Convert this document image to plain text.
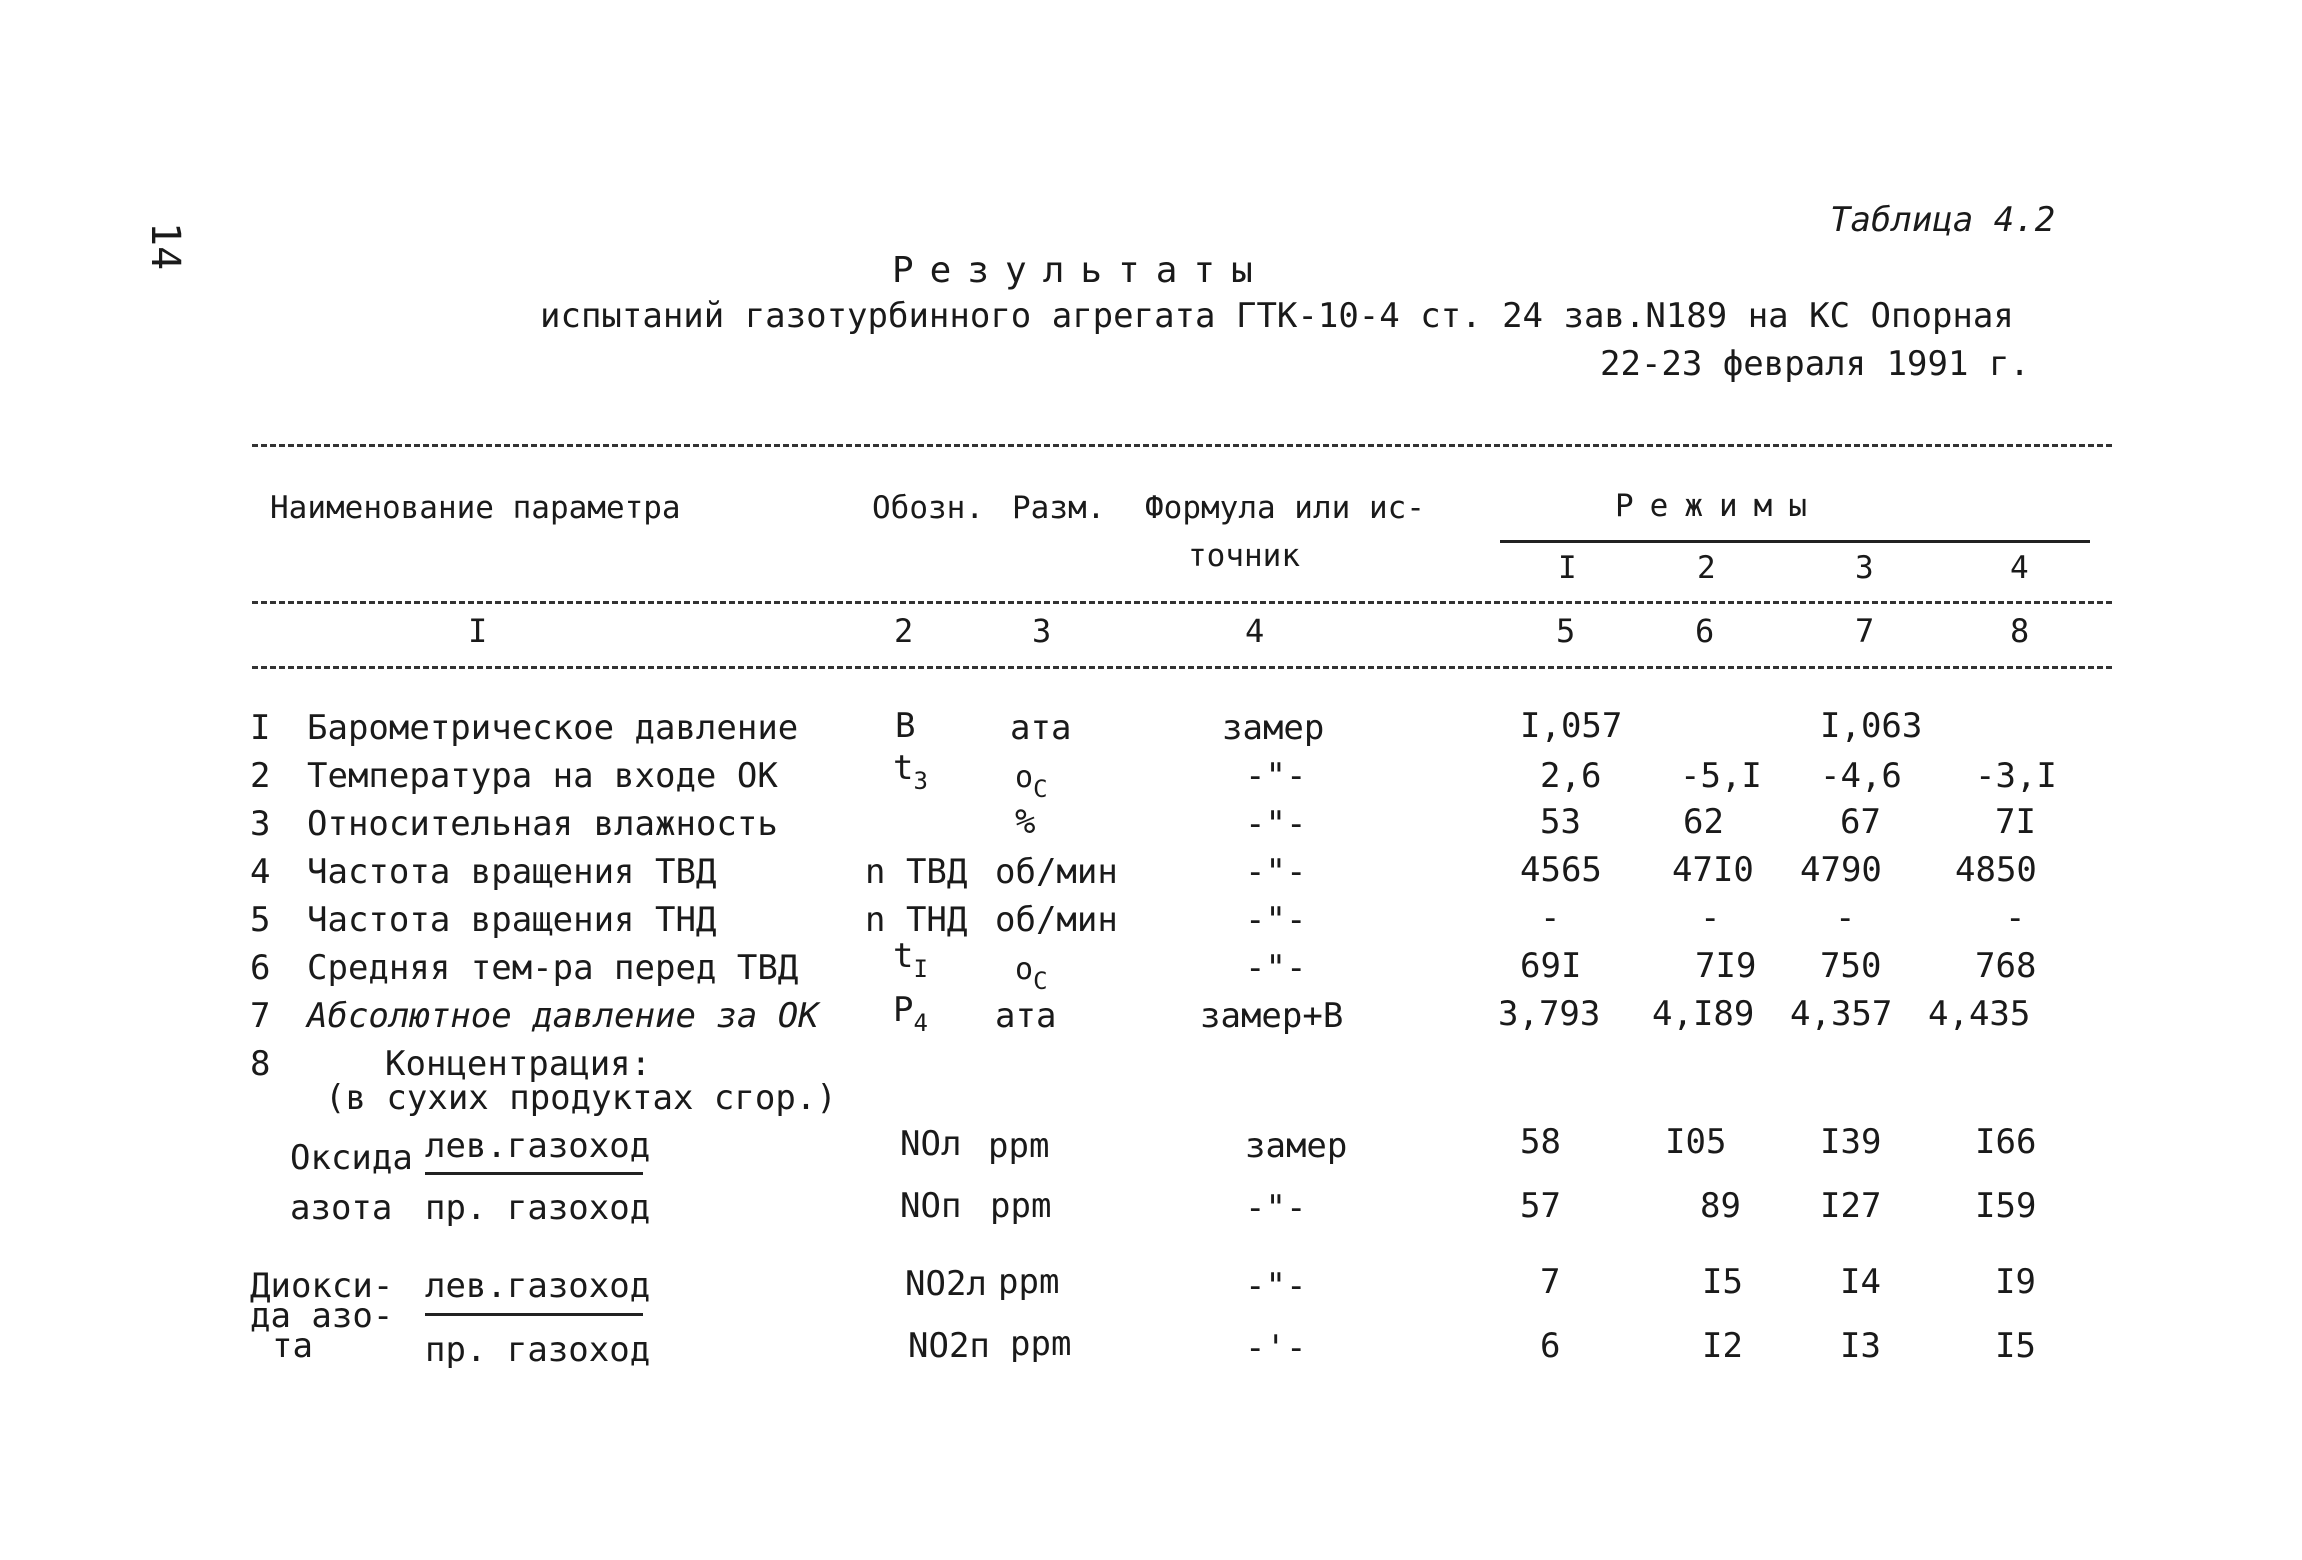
14
Таблица 4.2
Результаты
испытаний газотурбинного агрегата ГТК-10-4 ст. 24 зав.N189 на КС Опорная
22-23 февраля 1991 г.
Наименование параметра	Обозн. Разм. Формула или ис-
точник
Режимы
I	2	3	4
I	2	3	4	5	6	7	8
I Барометрическое давление	B	ата	замер	I,057	I,063
2 Температура на входе ОК	$t_3$	$o_C$	-"-	2,6 -5,I -4,6 -3,I
3 Относительная влажность	%	-"-	53	62	67	7I
4 Частота вращения ТВД	n ТВД об/мин	-"-	4565 47I0 4790 4850
5 Частота вращения ТНД	n ТНД об/мин	-"-	-	-	-	-
6 Средняя тем-ра перед ТВД	$t_I$	$o_C$	-"-	69I	7I9 750	768
7 Абсолютное давление за ОК $P_4$ ата	замер+B	3,793 4,I89 4,357 4,435
8	Концентрация:
(в сухих продуктах сгор.)
Оксида лев.газоход	NOл ppm	замер	58	I05	I39	I66
азота пр. газоход	NOп ppm	-"-	57	89 I27	I59
Диокси-
да азо-
лев.газоход	NO2л ppm	-"-	7	I5	I4	I9
та	пр. газоход	NO2п ppm	-'-	6	I2	I3	I5
